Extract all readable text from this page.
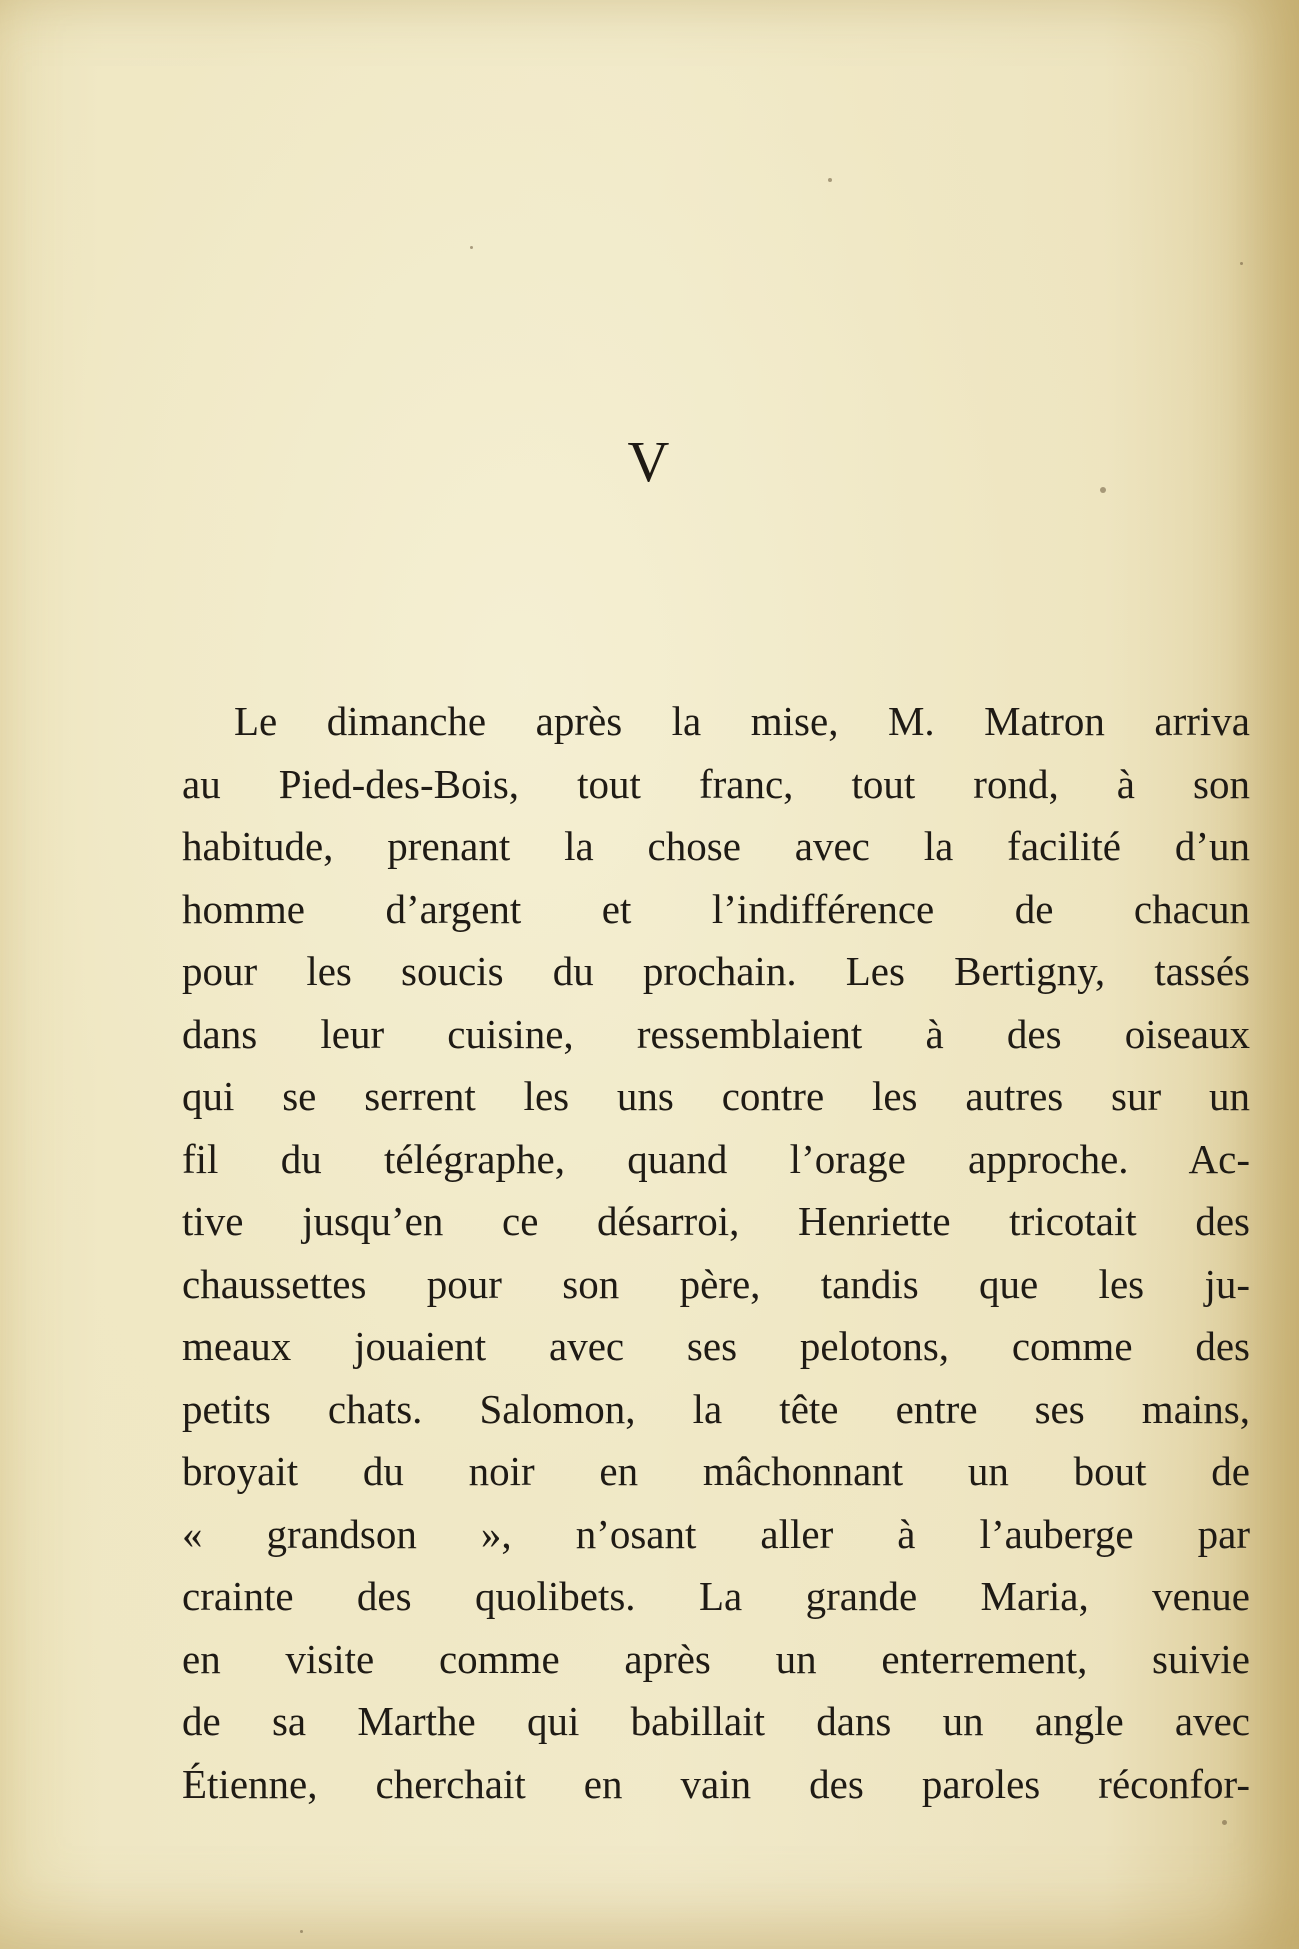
V
Le dimanche après la mise, M. Matron arriva
au Pied-des-Bois, tout franc, tout rond, à son
habitude, prenant la chose avec la facilité d’un
homme d’argent et l’indifférence de chacun
pour les soucis du prochain. Les Bertigny, tassés
dans leur cuisine, ressemblaient à des oiseaux
qui se serrent les uns contre les autres sur un
fil du télégraphe, quand l’orage approche. Ac-
tive jusqu’en ce désarroi, Henriette tricotait des
chaussettes pour son père, tandis que les ju-
meaux jouaient avec ses pelotons, comme des
petits chats. Salomon, la tête entre ses mains,
broyait du noir en mâchonnant un bout de
« grandson », n’osant aller à l’auberge par
crainte des quolibets. La grande Maria, venue
en visite comme après un enterrement, suivie
de sa Marthe qui babillait dans un angle avec
Étienne, cherchait en vain des paroles réconfor-
